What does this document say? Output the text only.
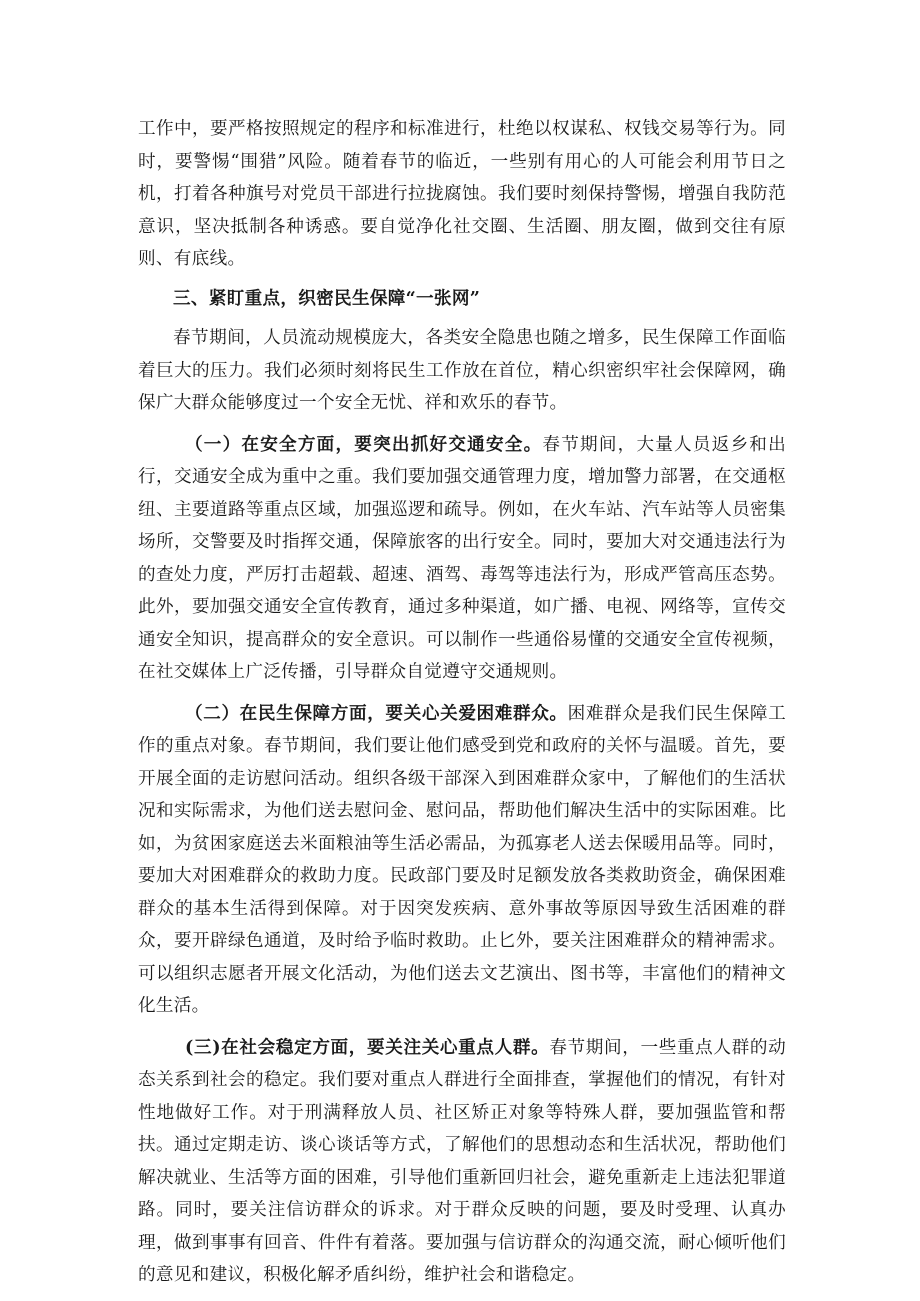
工作中，要严格按照规定的程序和标准进行，杜绝以权谋私、权钱交易等行为。同时，要警惕“围猎”风险。随着春节的临近，一些别有用心的人可能会利用节日之机，打着各种旗号对党员干部进行拉拢腐蚀。我们要时刻保持警惕，增强自我防范意识，坚决抵制各种诱惑。要自觉净化社交圈、生活圈、朋友圈，做到交往有原则、有底线。

三、紧盯重点，织密民生保障“一张网”

春节期间，人员流动规模庞大，各类安全隐患也随之增多，民生保障工作面临着巨大的压力。我们必须时刻将民生工作放在首位，精心织密织牢社会保障网，确保广大群众能够度过一个安全无忧、祥和欢乐的春节。

（一）在安全方面，要突出抓好交通安全。春节期间，大量人员返乡和出行，交通安全成为重中之重。我们要加强交通管理力度，增加警力部署，在交通枢纽、主要道路等重点区域，加强巡逻和疏导。例如，在火车站、汽车站等人员密集场所，交警要及时指挥交通，保障旅客的出行安全。同时，要加大对交通违法行为的查处力度，严厉打击超载、超速、酒驾、毒驾等违法行为，形成严管高压态势。此外，要加强交通安全宣传教育，通过多种渠道，如广播、电视、网络等，宣传交通安全知识，提高群众的安全意识。可以制作一些通俗易懂的交通安全宣传视频，在社交媒体上广泛传播，引导群众自觉遵守交通规则。

（二）在民生保障方面，要关心关爱困难群众。困难群众是我们民生保障工作的重点对象。春节期间，我们要让他们感受到党和政府的关怀与温暖。首先，要开展全面的走访慰问活动。组织各级干部深入到困难群众家中，了解他们的生活状况和实际需求，为他们送去慰问金、慰问品，帮助他们解决生活中的实际困难。比如，为贫困家庭送去米面粮油等生活必需品，为孤寡老人送去保暖用品等。同时，要加大对困难群众的救助力度。民政部门要及时足额发放各类救助资金，确保困难群众的基本生活得到保障。对于因突发疾病、意外事故等原因导致生活困难的群众，要开辟绿色通道，及时给予临时救助。止匕外，要关注困难群众的精神需求。可以组织志愿者开展文化活动，为他们送去文艺演出、图书等，丰富他们的精神文化生活。

(三)在社会稳定方面，要关注关心重点人群。春节期间，一些重点人群的动态关系到社会的稳定。我们要对重点人群进行全面排查，掌握他们的情况，有针对性地做好工作。对于刑满释放人员、社区矫正对象等特殊人群，要加强监管和帮扶。通过定期走访、谈心谈话等方式，了解他们的思想动态和生活状况，帮助他们解决就业、生活等方面的困难，引导他们重新回归社会，避免重新走上违法犯罪道路。同时，要关注信访群众的诉求。对于群众反映的问题，要及时受理、认真办理，做到事事有回音、件件有着落。要加强与信访群众的沟通交流，耐心倾听他们的意见和建议，积极化解矛盾纠纷，维护社会和谐稳定。
